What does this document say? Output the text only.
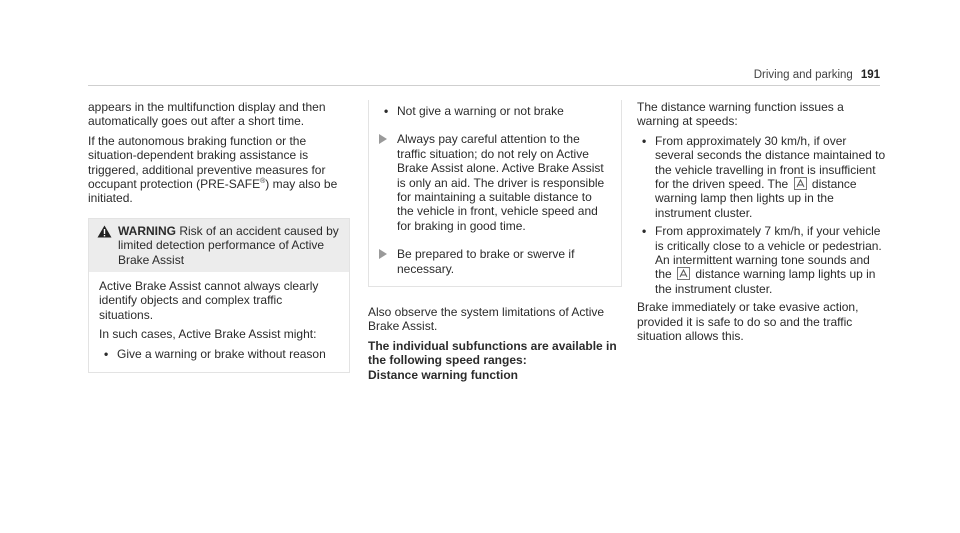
Driving and parking 191

appears in the multifunction display and then automatically goes out after a short time.

If the autonomous braking function or the situation-dependent braking assistance is triggered, additional preventive measures for occupant protection (PRE-SAFE®) may also be initiated.

WARNING Risk of an accident caused by limited detection performance of Active Brake Assist

Active Brake Assist cannot always clearly identify objects and complex traffic situations.

In such cases, Active Brake Assist might:

• Give a warning or brake without reason
• Not give a warning or not brake
Always pay careful attention to the traffic situation; do not rely on Active Brake Assist alone. Active Brake Assist is only an aid. The driver is responsible for maintaining a suitable distance to the vehicle in front, vehicle speed and for braking in good time.
Be prepared to brake or swerve if necessary.

Also observe the system limitations of Active Brake Assist.

The individual subfunctions are available in the following speed ranges:

Distance warning function

The distance warning function issues a warning at speeds:

• From approximately 30 km/h, if over several seconds the distance maintained to the vehicle travelling in front is insufficient for the driven speed. The distance warning lamp then lights up in the instrument cluster.
• From approximately 7 km/h, if your vehicle is critically close to a vehicle or pedestrian. An intermittent warning tone sounds and the distance warning lamp lights up in the instrument cluster.

Brake immediately or take evasive action, provided it is safe to do so and the traffic situation allows this.
